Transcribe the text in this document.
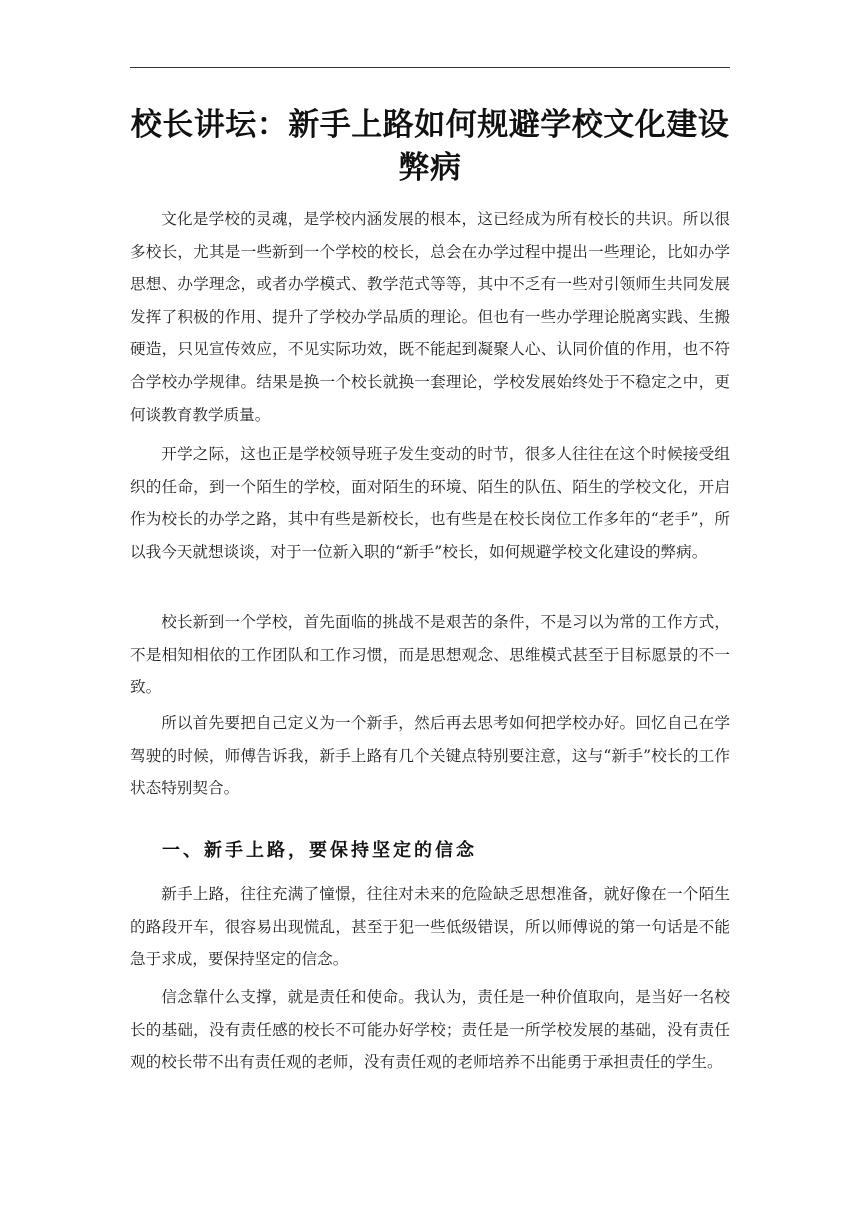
校长讲坛：新手上路如何规避学校文化建设弊病

文化是学校的灵魂，是学校内涵发展的根本，这已经成为所有校长的共识。所以很多校长，尤其是一些新到一个学校的校长，总会在办学过程中提出一些理论，比如办学思想、办学理念，或者办学模式、教学范式等等，其中不乏有一些对引领师生共同发展发挥了积极的作用、提升了学校办学品质的理论。但也有一些办学理论脱离实践、生搬硬造，只见宣传效应，不见实际功效，既不能起到凝聚人心、认同价值的作用，也不符合学校办学规律。结果是换一个校长就换一套理论，学校发展始终处于不稳定之中，更何谈教育教学质量。

开学之际，这也正是学校领导班子发生变动的时节，很多人往往在这个时候接受组织的任命，到一个陌生的学校，面对陌生的环境、陌生的队伍、陌生的学校文化，开启作为校长的办学之路，其中有些是新校长，也有些是在校长岗位工作多年的“老手”，所以我今天就想谈谈，对于一位新入职的“新手”校长，如何规避学校文化建设的弊病。

校长新到一个学校，首先面临的挑战不是艰苦的条件，不是习以为常的工作方式，不是相知相依的工作团队和工作习惯，而是思想观念、思维模式甚至于目标愿景的不一致。

所以首先要把自己定义为一个新手，然后再去思考如何把学校办好。回忆自己在学驾驶的时候，师傅告诉我，新手上路有几个关键点特别要注意，这与“新手”校长的工作状态特别契合。

一、新手上路，要保持坚定的信念

新手上路，往往充满了憧憬，往往对未来的危险缺乏思想准备，就好像在一个陌生的路段开车，很容易出现慌乱，甚至于犯一些低级错误，所以师傅说的第一句话是不能急于求成，要保持坚定的信念。

信念靠什么支撑，就是责任和使命。我认为，责任是一种价值取向，是当好一名校长的基础，没有责任感的校长不可能办好学校；责任是一所学校发展的基础，没有责任观的校长带不出有责任观的老师，没有责任观的老师培养不出能勇于承担责任的学生。
